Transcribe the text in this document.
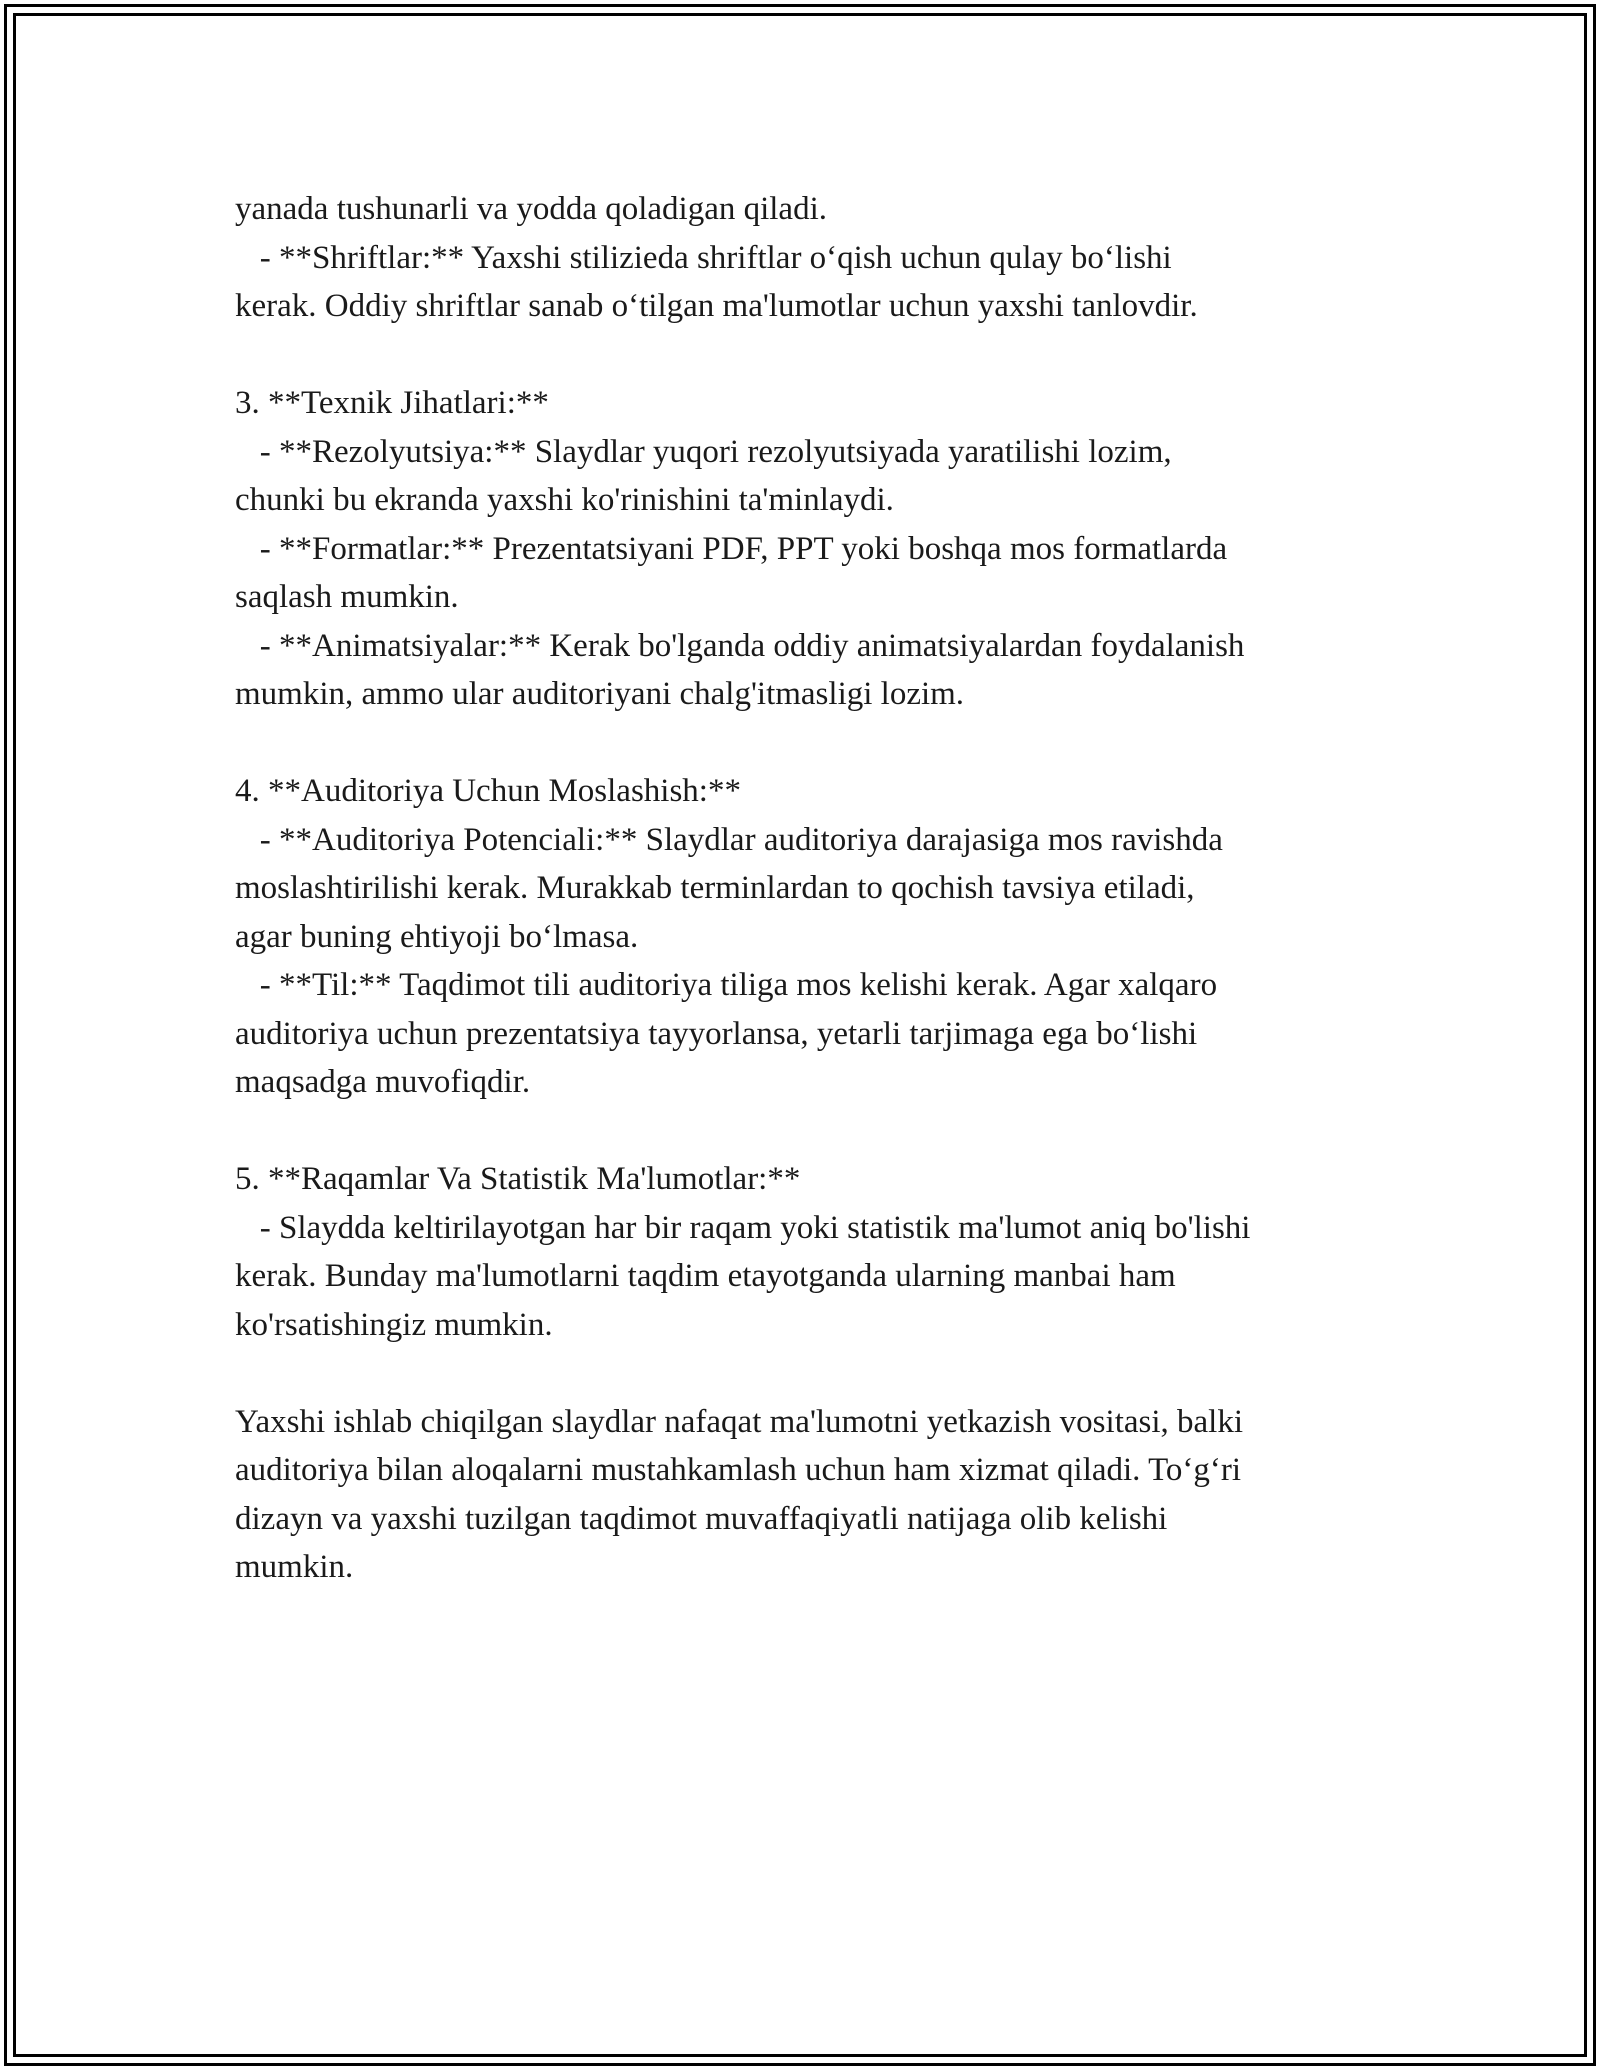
yanada tushunarli va yodda qoladigan qiladi.
- **Shriftlar:** Yaxshi stilizieda shriftlar o‘qish uchun qulay bo‘lishi
kerak. Oddiy shriftlar sanab o‘tilgan ma'lumotlar uchun yaxshi tanlovdir.
3. **Texnik Jihatlari:**
- **Rezolyutsiya:** Slaydlar yuqori rezolyutsiyada yaratilishi lozim,
chunki bu ekranda yaxshi ko'rinishini ta'minlaydi.
- **Formatlar:** Prezentatsiyani PDF, PPT yoki boshqa mos formatlarda
saqlash mumkin.
- **Animatsiyalar:** Kerak bo'lganda oddiy animatsiyalardan foydalanish
mumkin, ammo ular auditoriyani chalg'itmasligi lozim.
4. **Auditoriya Uchun Moslashish:**
- **Auditoriya Potenciali:** Slaydlar auditoriya darajasiga mos ravishda
moslashtirilishi kerak. Murakkab terminlardan to qochish tavsiya etiladi,
agar buning ehtiyoji bo‘lmasa.
- **Til:** Taqdimot tili auditoriya tiliga mos kelishi kerak. Agar xalqaro
auditoriya uchun prezentatsiya tayyorlansa, yetarli tarjimaga ega bo‘lishi
maqsadga muvofiqdir.
5. **Raqamlar Va Statistik Ma'lumotlar:**
- Slaydda keltirilayotgan har bir raqam yoki statistik ma'lumot aniq bo'lishi
kerak. Bunday ma'lumotlarni taqdim etayotganda ularning manbai ham
ko'rsatishingiz mumkin.
Yaxshi ishlab chiqilgan slaydlar nafaqat ma'lumotni yetkazish vositasi, balki
auditoriya bilan aloqalarni mustahkamlash uchun ham xizmat qiladi. To‘g‘ri
dizayn va yaxshi tuzilgan taqdimot muvaffaqiyatli natijaga olib kelishi
mumkin.
